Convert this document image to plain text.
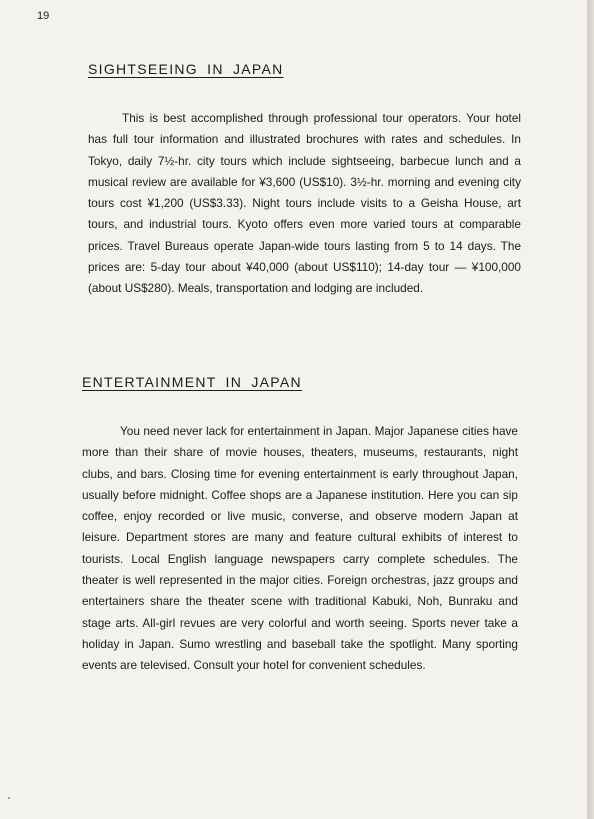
19
SIGHTSEEING IN JAPAN

This is best accomplished through professional tour operators. Your hotel has full tour information and illustrated brochures with rates and schedules. In Tokyo, daily 7½-hr. city tours which include sightseeing, barbecue lunch and a musical review are available for ¥3,600 (US$10). 3½-hr. morning and evening city tours cost ¥1,200 (US$3.33). Night tours include visits to a Geisha House, art tours, and industrial tours. Kyoto offers even more varied tours at comparable prices. Travel Bureaus operate Japan-wide tours lasting from 5 to 14 days. The prices are: 5-day tour about ¥40,000 (about US$110); 14-day tour — ¥100,000 (about US$280). Meals, transportation and lodging are included.

ENTERTAINMENT IN JAPAN

You need never lack for entertainment in Japan. Major Japanese cities have more than their share of movie houses, theaters, museums, restaurants, night clubs, and bars. Closing time for evening entertainment is early throughout Japan, usually before midnight. Coffee shops are a Japanese institution. Here you can sip coffee, enjoy recorded or live music, converse, and observe modern Japan at leisure. Department stores are many and feature cultural exhibits of interest to tourists. Local English language newspapers carry complete schedules. The theater is well represented in the major cities. Foreign orchestras, jazz groups and entertainers share the theater scene with traditional Kabuki, Noh, Bunraku and stage arts. All-girl revues are very colorful and worth seeing. Sports never take a holiday in Japan. Sumo wrestling and baseball take the spotlight. Many sporting events are televised. Consult your hotel for convenient schedules.
